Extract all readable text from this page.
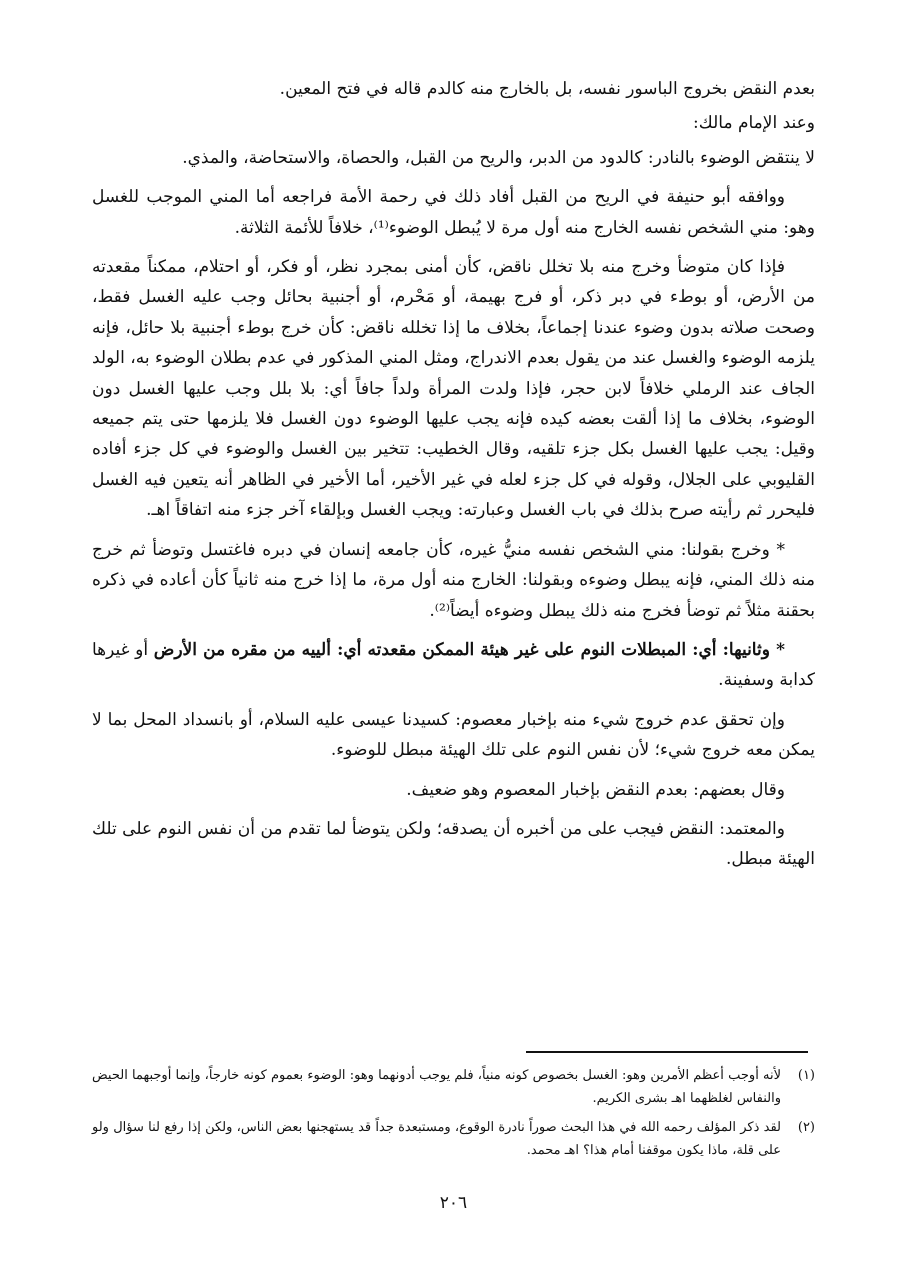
بعدم النقض بخروج الباسور نفسه، بل بالخارج منه كالدم قاله في فتح المعين.

وعند الإمام مالك:

لا ينتقض الوضوء بالنادر: كالدود من الدبر، والريح من القبل، والحصاة، والاستحاضة، والمذي.

ووافقه أبو حنيفة في الريح من القبل أفاد ذلك في رحمة الأمة فراجعه أما المني الموجب للغسل وهو: مني الشخص نفسه الخارج منه أول مرة لا يُبطل الوضوء⁽¹⁾، خلافاً للأئمة الثلاثة.

فإذا كان متوضأ وخرج منه بلا تخلل ناقض، كأن أمنى بمجرد نظر، أو فكر، أو احتلام، ممكناً مقعدته من الأرض، أو بوطء في دبر ذكر، أو فرج بهيمة، أو مَحْرم، أو أجنبية بحائل وجب عليه الغسل فقط، وصحت صلاته بدون وضوء عندنا إجماعاً، بخلاف ما إذا تخلله ناقض: كأن خرج بوطء أجنبية بلا حائل، فإنه يلزمه الوضوء والغسل عند من يقول بعدم الاندراج، ومثل المني المذكور في عدم بطلان الوضوء به، الولد الجاف عند الرملي خلافاً لابن حجر، فإذا ولدت المرأة ولداً جافاً أي: بلا بلل وجب عليها الغسل دون الوضوء، بخلاف ما إذا ألقت بعضه كيده فإنه يجب عليها الوضوء دون الغسل فلا يلزمها حتى يتم جميعه وقيل: يجب عليها الغسل بكل جزء تلقيه، وقال الخطيب: تتخير بين الغسل والوضوء في كل جزء أفاده القليوبي على الجلال، وقوله في كل جزء لعله في غير الأخير، أما الأخير في الظاهر أنه يتعين فيه الغسل فليحرر ثم رأيته صرح بذلك في باب الغسل وعبارته: ويجب الغسل وبإلقاء آخر جزء منه اتفاقاً اهـ.

* وخرج بقولنا: مني الشخص نفسه منيُّ غيره، كأن جامعه إنسان في دبره فاغتسل وتوضأ ثم خرج منه ذلك المني، فإنه يبطل وضوءه وبقولنا: الخارج منه أول مرة، ما إذا خرج منه ثانياً كأن أعاده في ذكره بحقنة مثلاً ثم توضأ فخرج منه ذلك يبطل وضوءه أيضاً⁽²⁾.

* وثانيها: أي: المبطلات النوم على غير هيئة الممكن مقعدته أي: ألييه من مقره من الأرض أو غيرها كدابة وسفينة.

وإن تحقق عدم خروج شيء منه بإخبار معصوم: كسيدنا عيسى عليه السلام، أو بانسداد المحل بما لا يمكن معه خروج شيء؛ لأن نفس النوم على تلك الهيئة مبطل للوضوء.

وقال بعضهم: بعدم النقض بإخبار المعصوم وهو ضعيف.

والمعتمد: النقض فيجب على من أخبره أن يصدقه؛ ولكن يتوضأ لما تقدم من أن نفس النوم على تلك الهيئة مبطل.

(١)
لأنه أوجب أعظم الأمرين وهو: الغسل بخصوص كونه منياً، فلم يوجب أدونهما وهو: الوضوء بعموم كونه خارجاً، وإنما أوجبهما الحيض والنفاس لغلظهما اهـ بشرى الكريم.
(٢)
لقد ذكر المؤلف رحمه الله في هذا البحث صوراً نادرة الوقوع، ومستبعدة جداً قد يستهجنها بعض الناس، ولكن إذا رفع لنا سؤال ولو على قلة، ماذا يكون موقفنا أمام هذا؟ اهـ محمد.
٢٠٦
